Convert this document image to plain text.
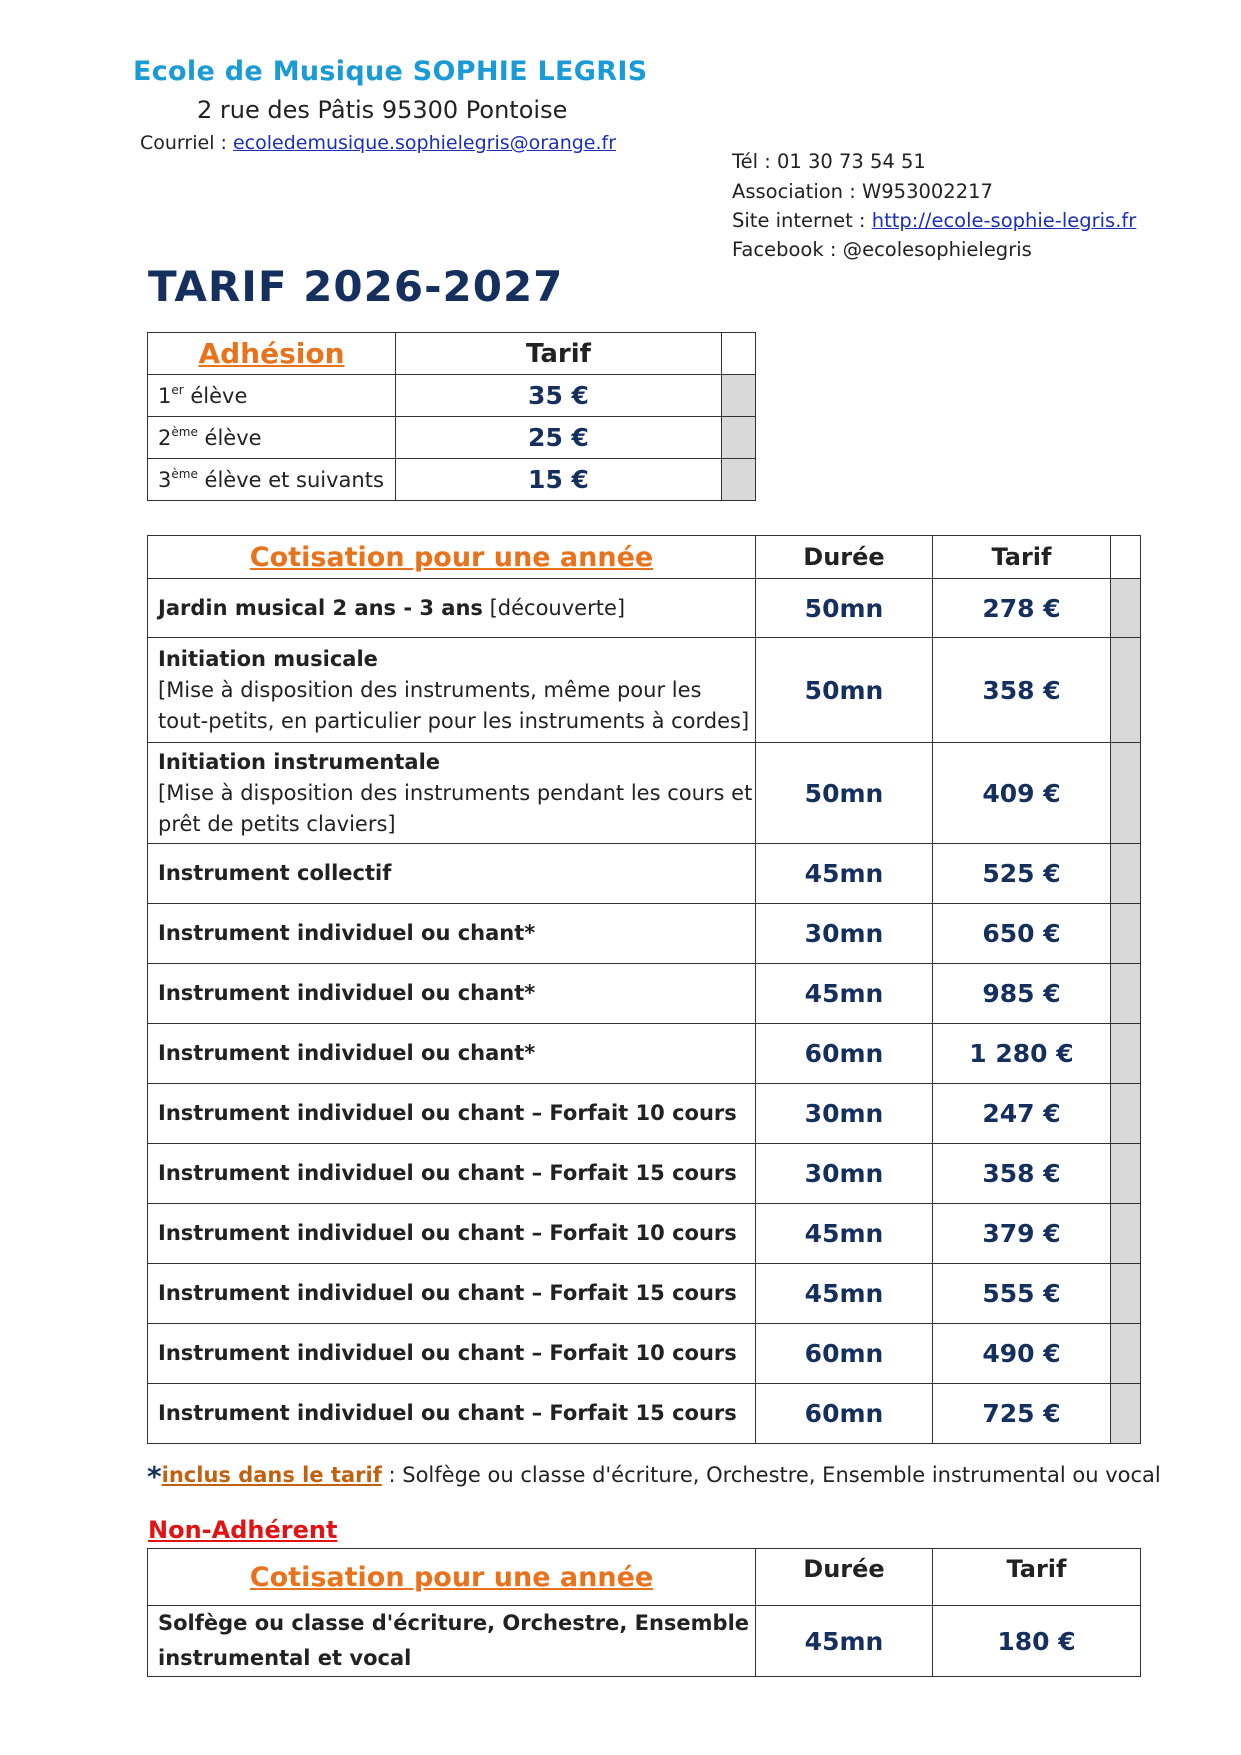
Ecole de Musique SOPHIE LEGRIS
2 rue des Pâtis 95300 Pontoise
Courriel : ecoledemusique.sophielegris@orange.fr
Tél : 01 30 73 54 51
Association : W953002217
Site internet : http://ecole-sophie-legris.fr
Facebook : @ecolesophielegris
TARIF 2026-2027
Adhésion	Tarif	
1er élève	35 €	
2ème élève	25 €	
3ème élève et suivants	15 €	
Cotisation pour une année	Durée	Tarif	
Jardin musical 2 ans - 3 ans [découverte]	50mn	278 €	
Initiation musicale
[Mise à disposition des instruments, même pour les tout-petits, en particulier pour les instruments à cordes]	50mn	358 €	
Initiation instrumentale
[Mise à disposition des instruments pendant les cours et prêt de petits claviers]	50mn	409 €	
Instrument collectif	45mn	525 €	
Instrument individuel ou chant*	30mn	650 €	
Instrument individuel ou chant*	45mn	985 €	
Instrument individuel ou chant*	60mn	1 280 €	
Instrument individuel ou chant – Forfait 10 cours	30mn	247 €	
Instrument individuel ou chant – Forfait 15 cours	30mn	358 €	
Instrument individuel ou chant – Forfait 10 cours	45mn	379 €	
Instrument individuel ou chant – Forfait 15 cours	45mn	555 €	
Instrument individuel ou chant – Forfait 10 cours	60mn	490 €	
Instrument individuel ou chant – Forfait 15 cours	60mn	725 €	
*inclus dans le tarif : Solfège ou classe d'écriture, Orchestre, Ensemble instrumental ou vocal
Non-Adhérent
Cotisation pour une année	Durée	Tarif
Solfège ou classe d'écriture, Orchestre, Ensemble instrumental et vocal	45mn	180 €
